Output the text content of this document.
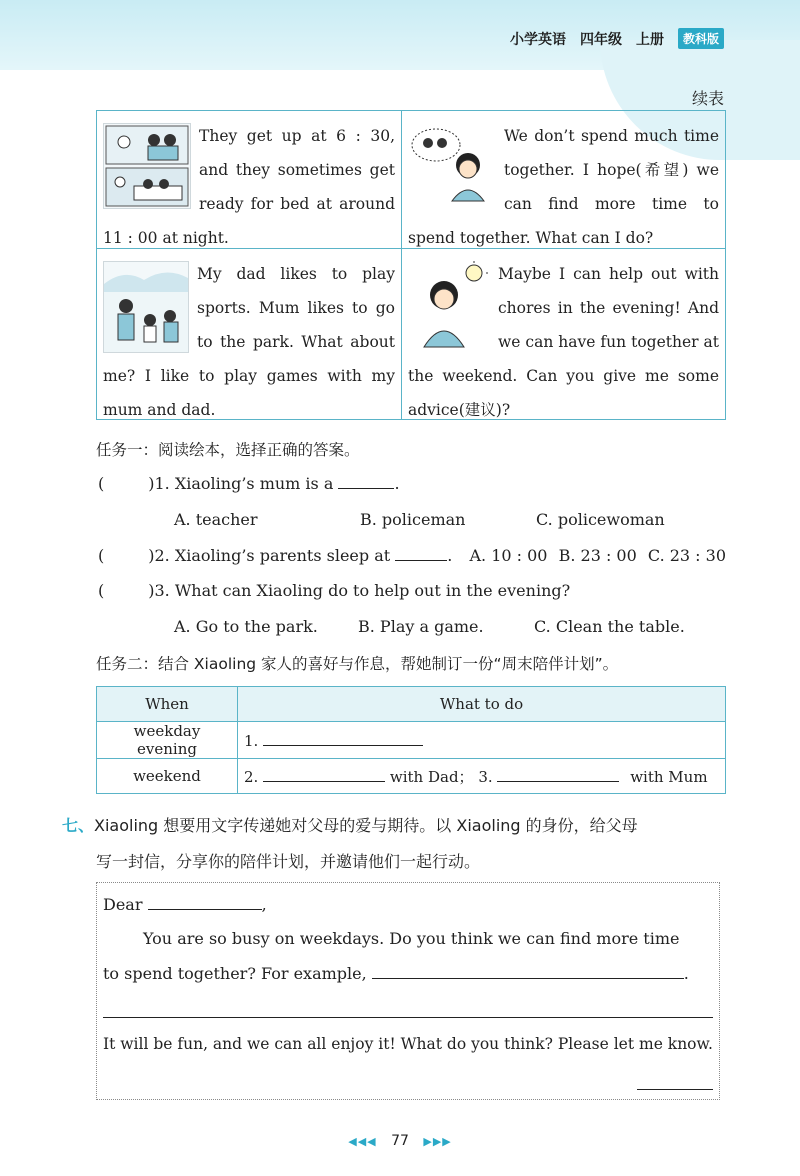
小学英语 四年级 上册	教科版
续表
They get up at 6 : 30, and they sometimes get ready for bed at around 11 : 00 at night.
We don’t spend much time together. I hope(希望) we can find more time to spend together. What can I do?
My dad likes to play sports. Mum likes to go to the park. What about me? I like to play games with my mum and dad.
Maybe I can help out with chores in the evening! And we can have fun together at the weekend. Can you give me some advice(建议)?
任务一：阅读绘本，选择正确的答案。
(	)1. Xiaoling’s mum is a	.
A. teacher	B. policeman	C. policewoman
(	)2. Xiaoling’s parents sleep at	. A. 10 : 00 B. 23 : 00 C. 23 : 30
(	)3. What can Xiaoling do to help out in the evening?
A. Go to the park.	B. Play a game.	C. Clean the table.
任务二：结合 Xiaoling 家人的喜好与作息，帮她制订一份“周末陪伴计划”。
When	What to do
weekday evening	1.
weekend	2. with Dad； 3. with Mum
七、Xiaoling 想要用文字传递她对父母的爱与期待。以 Xiaoling 的身份，给父母
写一封信，分享你的陪伴计划，并邀请他们一起行动。
Dear	,
You are so busy on weekdays. Do you think we can find more time
to spend together? For example,	.
It will be fun, and we can all enjoy it! What do you think? Please let me know.
◀◀◀ 77 ▶▶▶
